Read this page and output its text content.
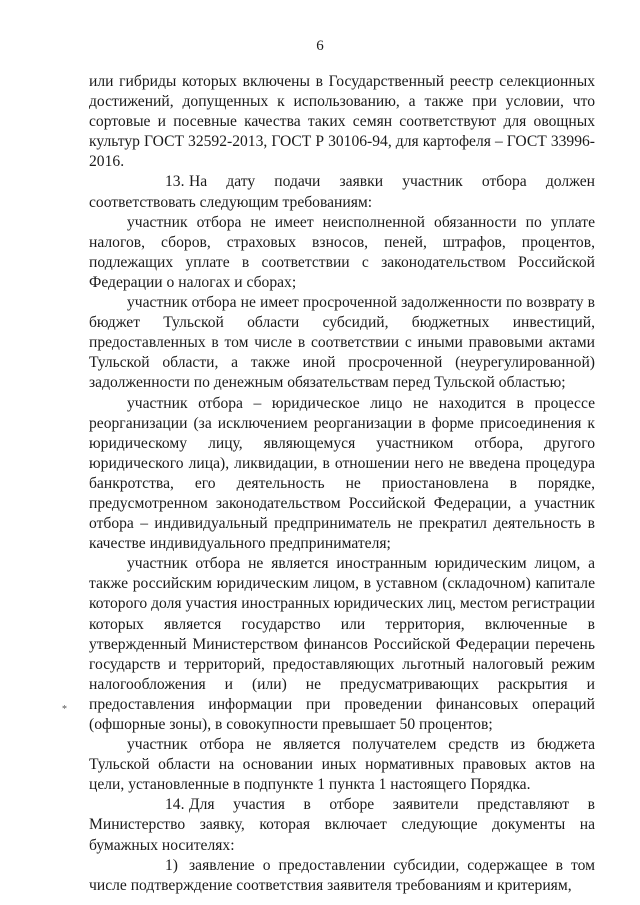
6

или гибриды которых включены в Государственный реестр селекционных достижений, допущенных к использованию, а также при условии, что сортовые и посевные качества таких семян соответствуют для овощных культур ГОСТ 32592-2013, ГОСТ Р 30106-94, для картофеля – ГОСТ 33996-2016.

13. На дату подачи заявки участник отбора должен соответствовать следующим требованиям:

участник отбора не имеет неисполненной обязанности по уплате налогов, сборов, страховых взносов, пеней, штрафов, процентов, подлежащих уплате в соответствии с законодательством Российской Федерации о налогах и сборах;

участник отбора не имеет просроченной задолженности по возврату в бюджет Тульской области субсидий, бюджетных инвестиций, предоставленных в том числе в соответствии с иными правовыми актами Тульской области, а также иной просроченной (неурегулированной) задолженности по денежным обязательствам перед Тульской областью;

участник отбора – юридическое лицо не находится в процессе реорганизации (за исключением реорганизации в форме присоединения к юридическому лицу, являющемуся участником отбора, другого юридического лица), ликвидации, в отношении него не введена процедура банкротства, его деятельность не приостановлена в порядке, предусмотренном законодательством Российской Федерации, а участник отбора – индивидуальный предприниматель не прекратил деятельность в качестве индивидуального предпринимателя;

участник отбора не является иностранным юридическим лицом, а также российским юридическим лицом, в уставном (складочном) капитале которого доля участия иностранных юридических лиц, местом регистрации которых является государство или территория, включенные в утвержденный Министерством финансов Российской Федерации перечень государств и территорий, предоставляющих льготный налоговый режим налогообложения и (или) не предусматривающих раскрытия и предоставления информации при проведении финансовых операций (офшорные зоны), в совокупности превышает 50 процентов;

участник отбора не является получателем средств из бюджета Тульской области на основании иных нормативных правовых актов на цели, установленные в подпункте 1 пункта 1 настоящего Порядка.

14. Для участия в отборе заявители представляют в Министерство заявку, которая включает следующие документы на бумажных носителях:

1) заявление о предоставлении субсидии, содержащее в том числе подтверждение соответствия заявителя требованиям и критериям,

*
